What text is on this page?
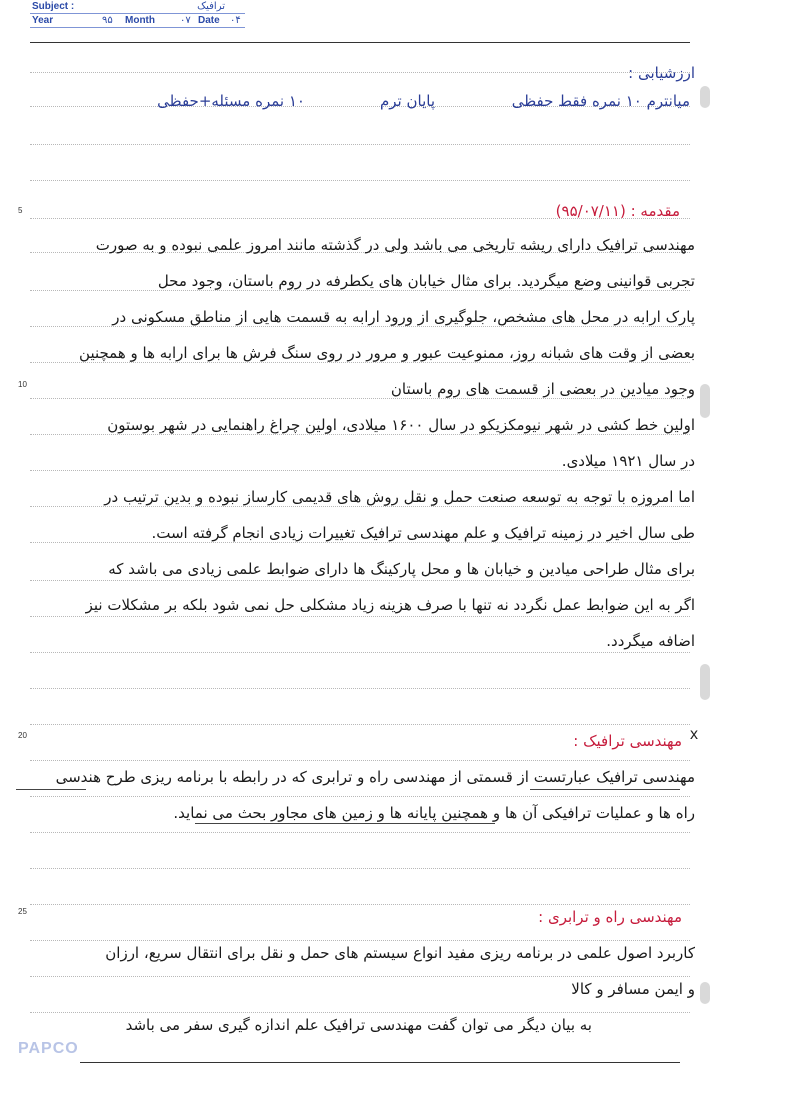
Subject :	ترافیک
Year	۹۵ Month	۰۷ Date ۰۴
5
10
20
25
ارزشیابی :
میانترم ۱۰ نمره فقط حفظی
پایان ترم
۱۰ نمره مسئله+حفظی
مقدمه : (۹۵/۰۷/۱۱)
مهندسی ترافیک دارای ریشه تاریخی می باشد ولی در گذشته مانند امروز علمی نبوده و به صورت
تجربی قوانینی وضع میگردید. برای مثال خیابان های یکطرفه در روم باستان، وجود محل
پارک ارابه در محل های مشخص، جلوگیری از ورود ارابه به قسمت هایی از مناطق مسکونی در
بعضی از وقت های شبانه روز، ممنوعیت عبور و مرور در روی سنگ فرش ها برای ارابه ها و همچنین
وجود میادین در بعضی از قسمت های روم باستان
اولین خط کشی در شهر نیومکزیکو در سال ۱۶۰۰ میلادی، اولین چراغ راهنمایی در شهر بوستون
در سال ۱۹۲۱ میلادی.
اما امروزه با توجه به توسعه صنعت حمل و نقل روش های قدیمی کارساز نبوده و بدین ترتیب در
طی سال اخیر در زمینه ترافیک و علم مهندسی ترافیک تغییرات زیادی انجام گرفته است.
برای مثال طراحی میادین و خیابان ها و محل پارکینگ ها دارای ضوابط علمی زیادی می باشد که
اگر به این ضوابط عمل نگردد نه تنها با صرف هزینه زیاد مشکلی حل نمی شود بلکه بر مشکلات نیز
اضافه میگردد.
مهندسی ترافیک : x
مهندسی ترافیک عبارتست از قسمتی از مهندسی راه و ترابری که در رابطه با برنامه ریزی طرح هندسی
راه ها و عملیات ترافیکی آن ها و همچنین پایانه ها و زمین های مجاور بحث می نماید.
مهندسی راه و ترابری :
کاربرد اصول علمی در برنامه ریزی مفید انواع سیستم های حمل و نقل برای انتقال سریع، ارزان
و ایمن مسافر و کالا
به بیان دیگر می توان گفت مهندسی ترافیک علم اندازه گیری سفر می باشد
PAPCO
